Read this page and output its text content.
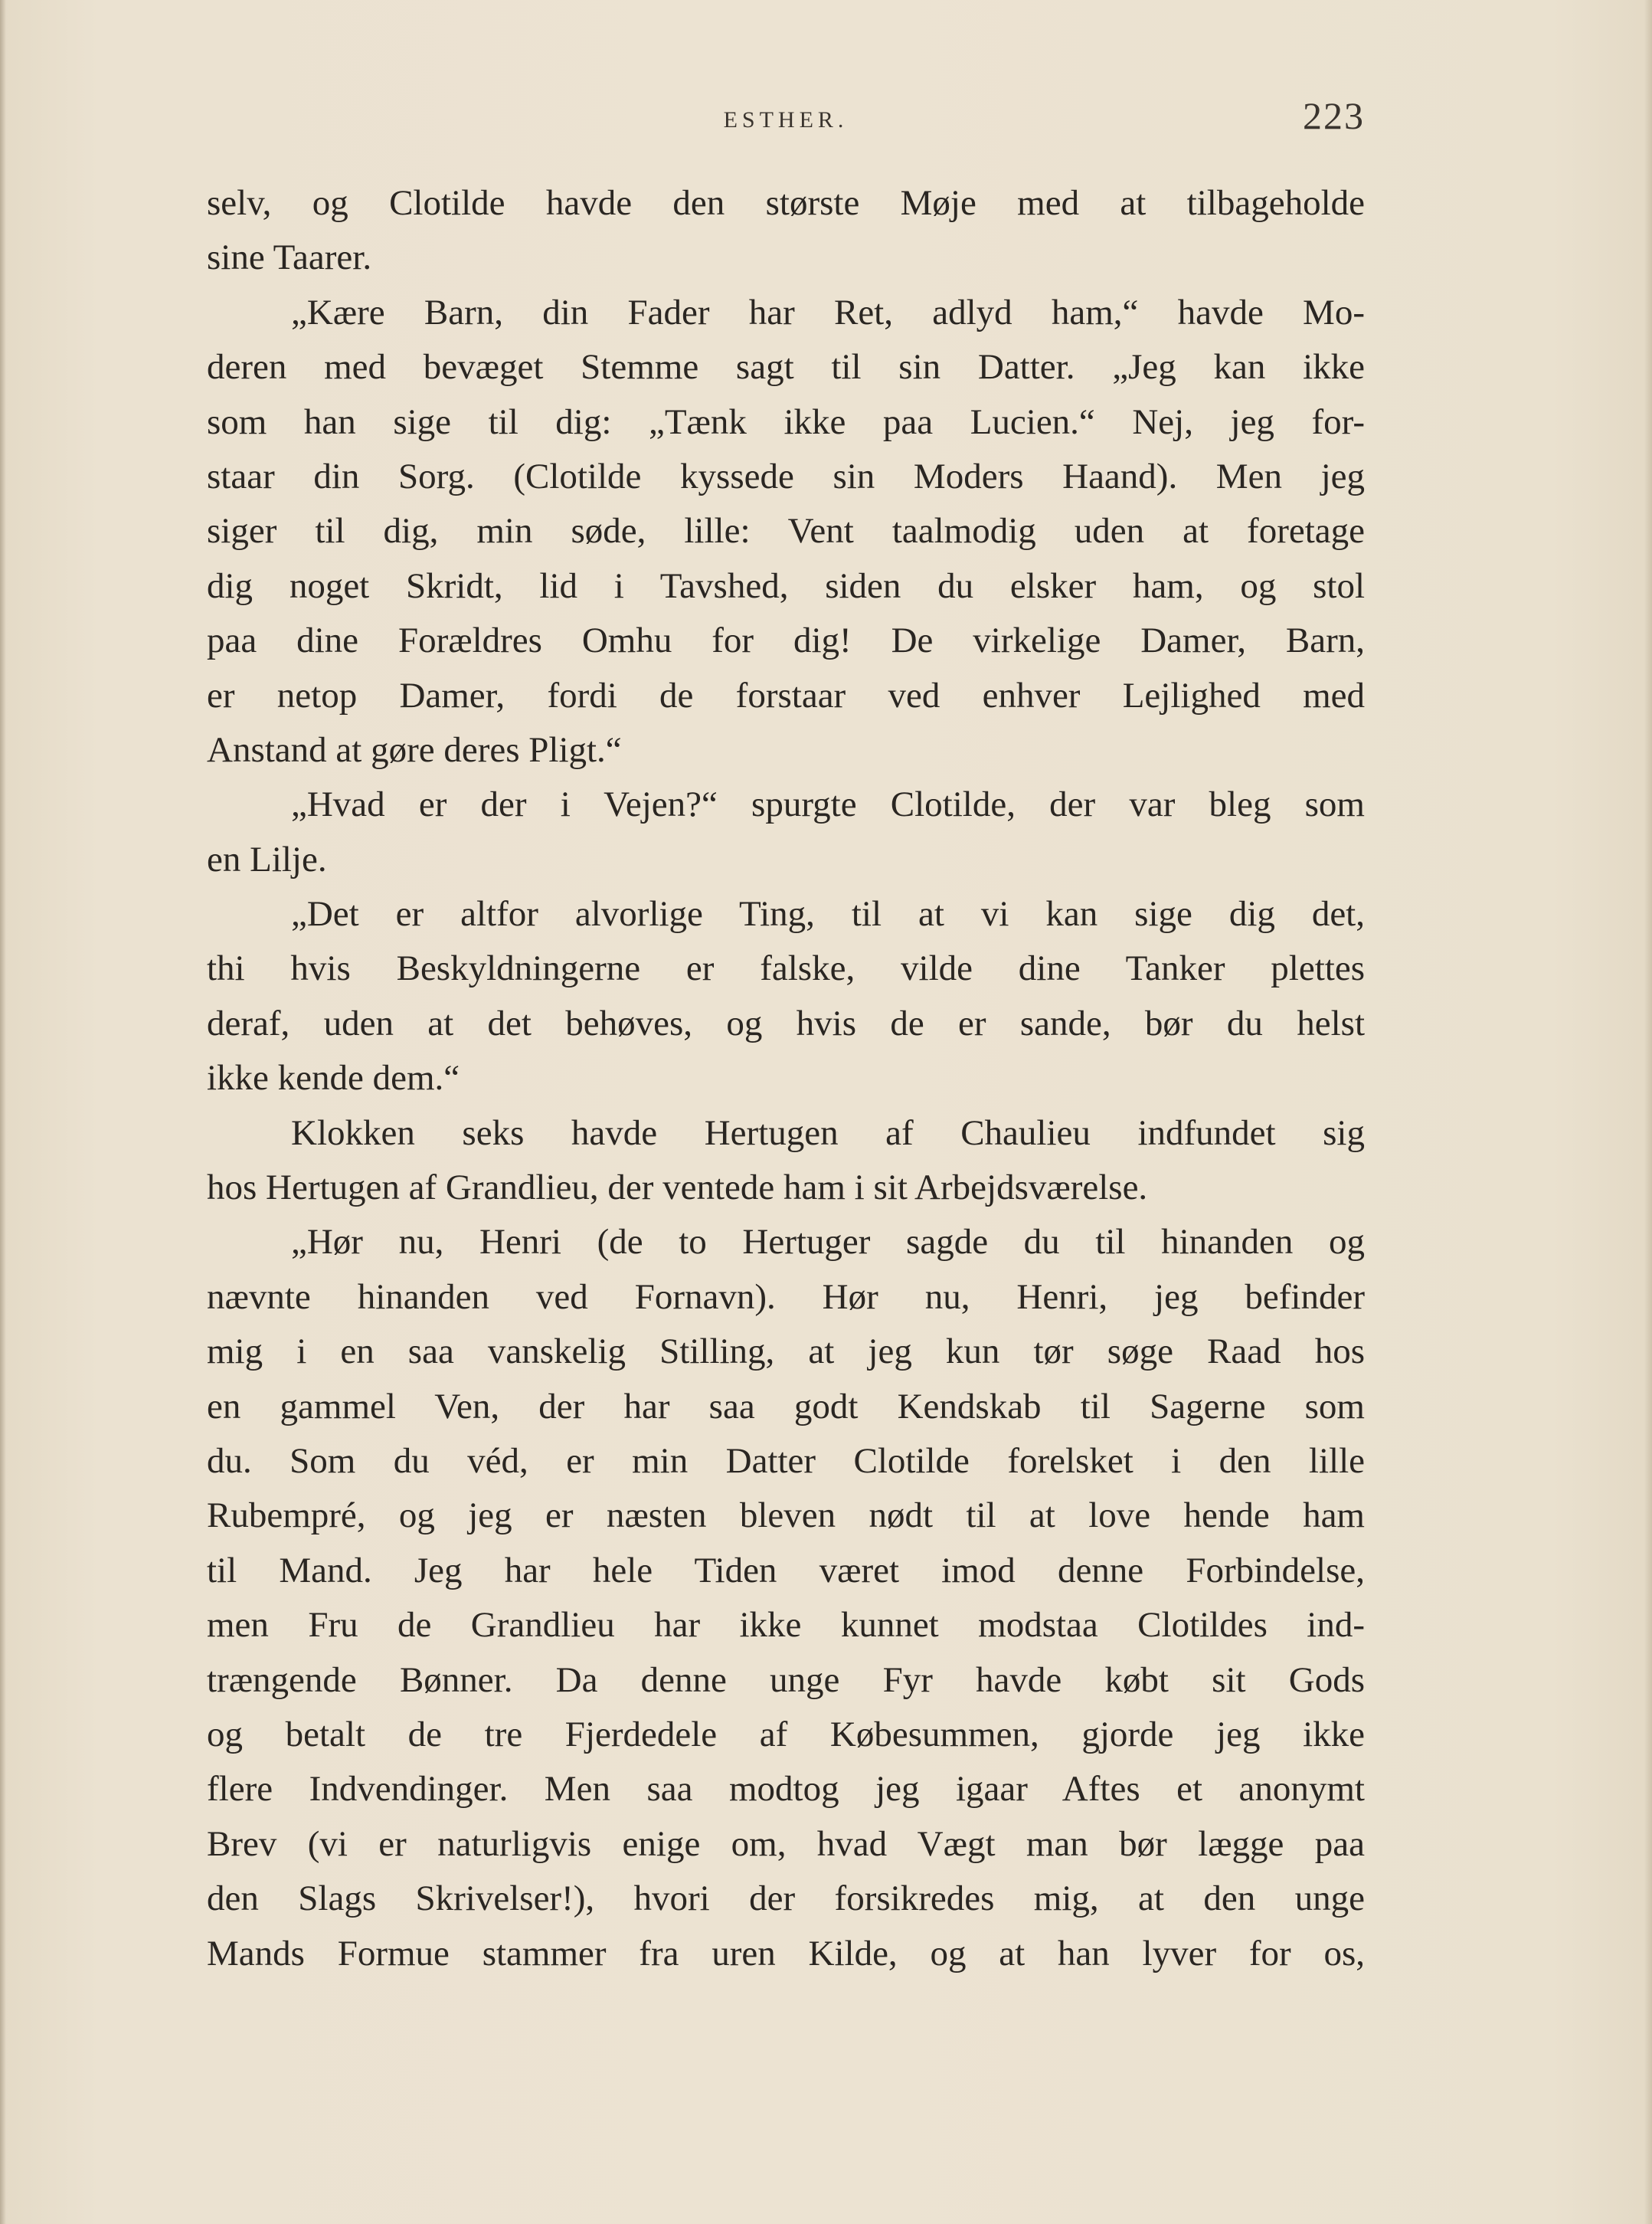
ESTHER.	223
selv, og Clotilde havde den største Møje med at tilbageholde
sine Taarer.
„Kære Barn, din Fader har Ret, adlyd ham,“ havde Mo-
deren med bevæget Stemme sagt til sin Datter. „Jeg kan ikke
som han sige til dig: „Tænk ikke paa Lucien.“ Nej, jeg for-
staar din Sorg. (Clotilde kyssede sin Moders Haand). Men jeg
siger til dig, min søde, lille: Vent taalmodig uden at foretage
dig noget Skridt, lid i Tavshed, siden du elsker ham, og stol
paa dine Forældres Omhu for dig! De virkelige Damer, Barn,
er netop Damer, fordi de forstaar ved enhver Lejlighed med
Anstand at gøre deres Pligt.“
„Hvad er der i Vejen?“ spurgte Clotilde, der var bleg som
en Lilje.
„Det er altfor alvorlige Ting, til at vi kan sige dig det,
thi hvis Beskyldningerne er falske, vilde dine Tanker plettes
deraf, uden at det behøves, og hvis de er sande, bør du helst
ikke kende dem.“
Klokken seks havde Hertugen af Chaulieu indfundet sig
hos Hertugen af Grandlieu, der ventede ham i sit Arbejdsværelse.
„Hør nu, Henri (de to Hertuger sagde du til hinanden og
nævnte hinanden ved Fornavn). Hør nu, Henri, jeg befinder
mig i en saa vanskelig Stilling, at jeg kun tør søge Raad hos
en gammel Ven, der har saa godt Kendskab til Sagerne som
du. Som du véd, er min Datter Clotilde forelsket i den lille
Rubempré, og jeg er næsten bleven nødt til at love hende ham
til Mand. Jeg har hele Tiden været imod denne Forbindelse,
men Fru de Grandlieu har ikke kunnet modstaa Clotildes ind-
trængende Bønner. Da denne unge Fyr havde købt sit Gods
og betalt de tre Fjerdedele af Købesummen, gjorde jeg ikke
flere Indvendinger. Men saa modtog jeg igaar Aftes et anonymt
Brev (vi er naturligvis enige om, hvad Vægt man bør lægge paa
den Slags Skrivelser!), hvori der forsikredes mig, at den unge
Mands Formue stammer fra uren Kilde, og at han lyver for os,
